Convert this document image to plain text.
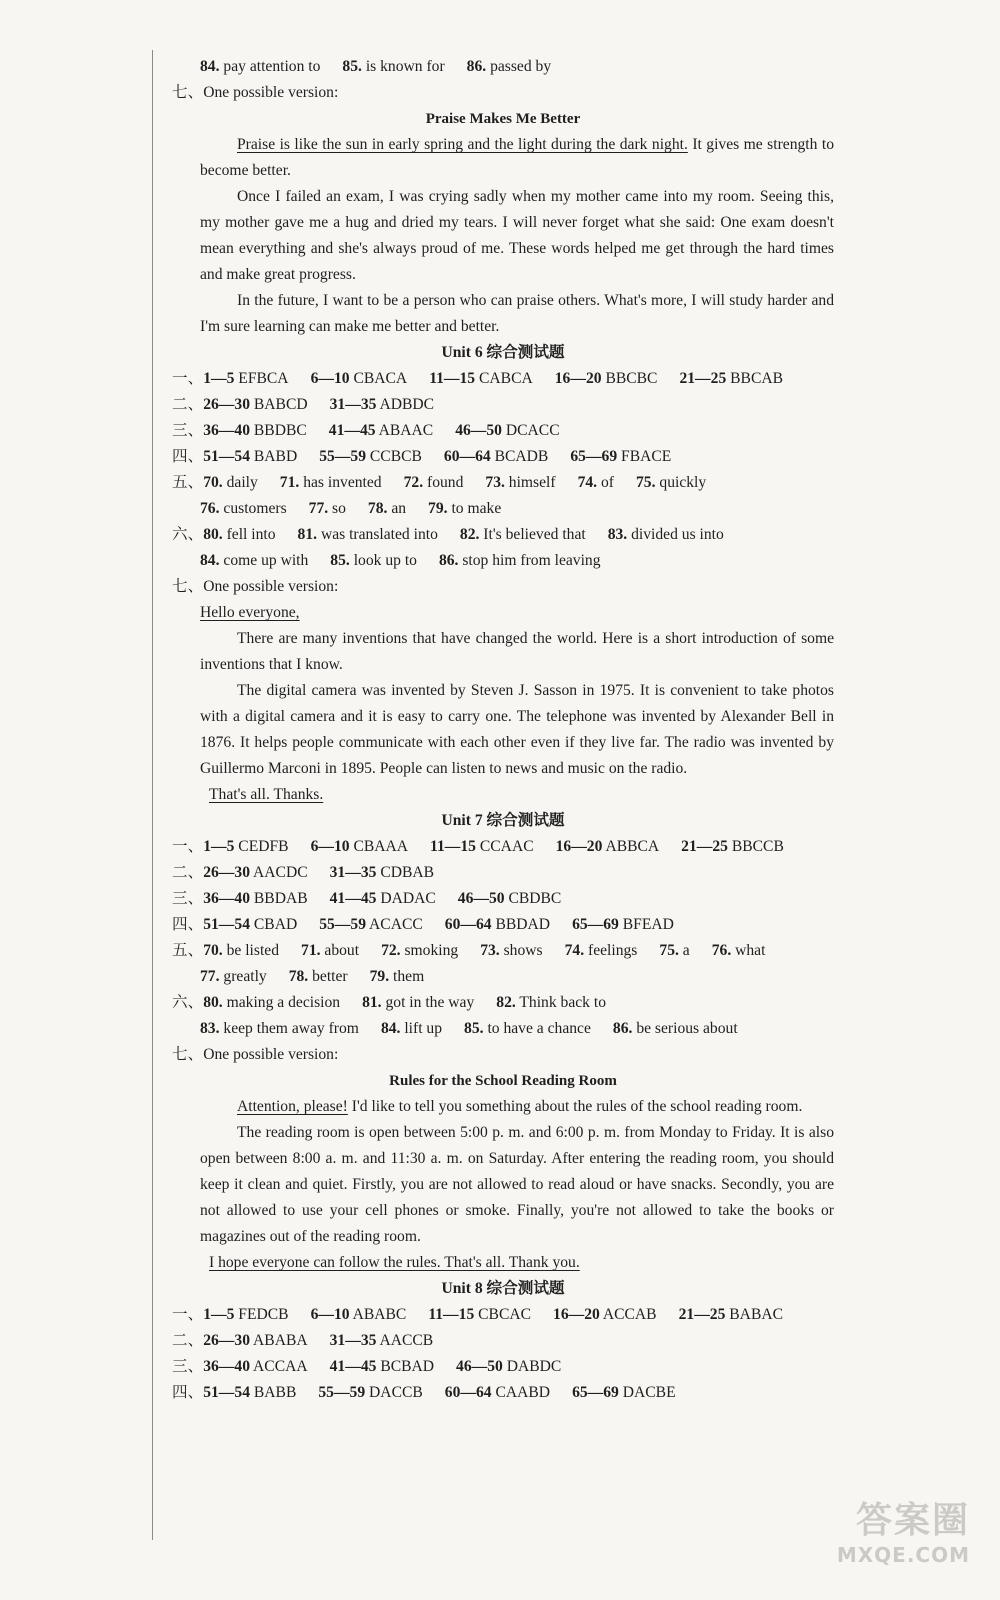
84. pay attention to 85. is known for 86. passed by
七、One possible version:
Praise Makes Me Better
Praise is like the sun in early spring and the light during the dark night. It gives me strength to become better.
Once I failed an exam, I was crying sadly when my mother came into my room. Seeing this, my mother gave me a hug and dried my tears. I will never forget what she said: One exam doesn't mean everything and she's always proud of me. These words helped me get through the hard times and make great progress.
In the future, I want to be a person who can praise others. What's more, I will study harder and I'm sure learning can make me better and better.
Unit 6 综合测试题
一、1—5 EFBCA 6—10 CBACA 11—15 CABCA 16—20 BBCBC 21—25 BBCAB
二、26—30 BABCD 31—35 ADBDC
三、36—40 BBDBC 41—45 ABAAC 46—50 DCACC
四、51—54 BABD 55—59 CCBCB 60—64 BCADB 65—69 FBACE
五、70. daily 71. has invented 72. found 73. himself 74. of 75. quickly
76. customers 77. so 78. an 79. to make
六、80. fell into 81. was translated into 82. It's believed that 83. divided us into
84. come up with 85. look up to 86. stop him from leaving
七、One possible version:
Hello everyone,
There are many inventions that have changed the world. Here is a short introduction of some inventions that I know.
The digital camera was invented by Steven J. Sasson in 1975. It is convenient to take photos with a digital camera and it is easy to carry one. The telephone was invented by Alexander Bell in 1876. It helps people communicate with each other even if they live far. The radio was invented by Guillermo Marconi in 1895. People can listen to news and music on the radio.
That's all. Thanks.
Unit 7 综合测试题
一、1—5 CEDFB 6—10 CBAAA 11—15 CCAAC 16—20 ABBCA 21—25 BBCCB
二、26—30 AACDC 31—35 CDBAB
三、36—40 BBDAB 41—45 DADAC 46—50 CBDBC
四、51—54 CBAD 55—59 ACACC 60—64 BBDAD 65—69 BFEAD
五、70. be listed 71. about 72. smoking 73. shows 74. feelings 75. a 76. what
77. greatly 78. better 79. them
六、80. making a decision 81. got in the way 82. Think back to
83. keep them away from 84. lift up 85. to have a chance 86. be serious about
七、One possible version:
Rules for the School Reading Room
Attention, please! I'd like to tell you something about the rules of the school reading room.
The reading room is open between 5:00 p. m. and 6:00 p. m. from Monday to Friday. It is also open between 8:00 a. m. and 11:30 a. m. on Saturday. After entering the reading room, you should keep it clean and quiet. Firstly, you are not allowed to read aloud or have snacks. Secondly, you are not allowed to use your cell phones or smoke. Finally, you're not allowed to take the books or magazines out of the reading room.
I hope everyone can follow the rules. That's all. Thank you.
Unit 8 综合测试题
一、1—5 FEDCB 6—10 ABABC 11—15 CBCAC 16—20 ACCAB 21—25 BABAC
二、26—30 ABABA 31—35 AACCB
三、36—40 ACCAA 41—45 BCBAD 46—50 DABDC
四、51—54 BABB 55—59 DACCB 60—64 CAABD 65—69 DACBE
答案圈
MXQE.COM
